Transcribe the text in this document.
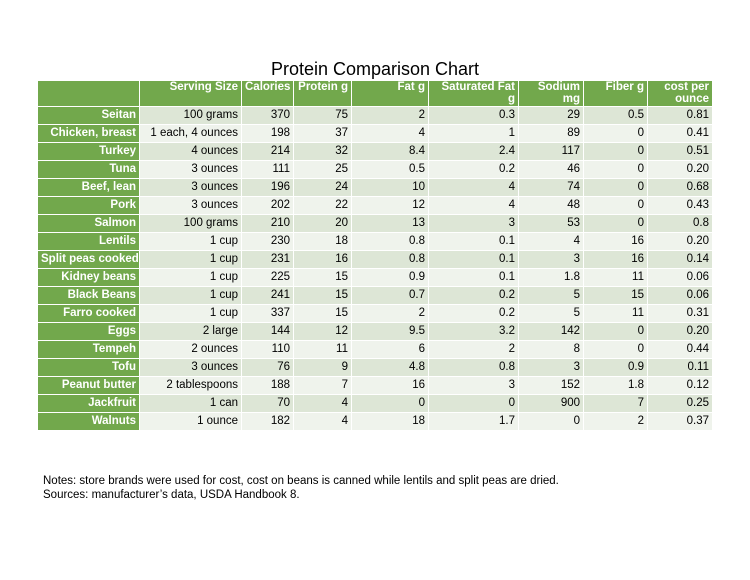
Protein Comparison Chart
	Serving Size	Calories	Protein g	Fat g	Saturated Fat g	Sodium mg	Fiber g	cost per ounce
Seitan	100 grams	370	75	2	0.3	29	0.5	0.81
Chicken, breast	1 each, 4 ounces	198	37	4	1	89	0	0.41
Turkey	4 ounces	214	32	8.4	2.4	117	0	0.51
Tuna	3 ounces	111	25	0.5	0.2	46	0	0.20
Beef, lean	3 ounces	196	24	10	4	74	0	0.68
Pork	3 ounces	202	22	12	4	48	0	0.43
Salmon	100 grams	210	20	13	3	53	0	0.8
Lentils	1 cup	230	18	0.8	0.1	4	16	0.20
Split peas cooked	1 cup	231	16	0.8	0.1	3	16	0.14
Kidney beans	1 cup	225	15	0.9	0.1	1.8	11	0.06
Black Beans	1 cup	241	15	0.7	0.2	5	15	0.06
Farro cooked	1 cup	337	15	2	0.2	5	11	0.31
Eggs	2 large	144	12	9.5	3.2	142	0	0.20
Tempeh	2 ounces	110	11	6	2	8	0	0.44
Tofu	3 ounces	76	9	4.8	0.8	3	0.9	0.11
Peanut butter	2 tablespoons	188	7	16	3	152	1.8	0.12
Jackfruit	1 can	70	4	0	0	900	7	0.25
Walnuts	1 ounce	182	4	18	1.7	0	2	0.37
Notes: store brands were used for cost, cost on beans is canned while lentils and split peas are dried.
Sources: manufacturer’s data, USDA Handbook 8.
